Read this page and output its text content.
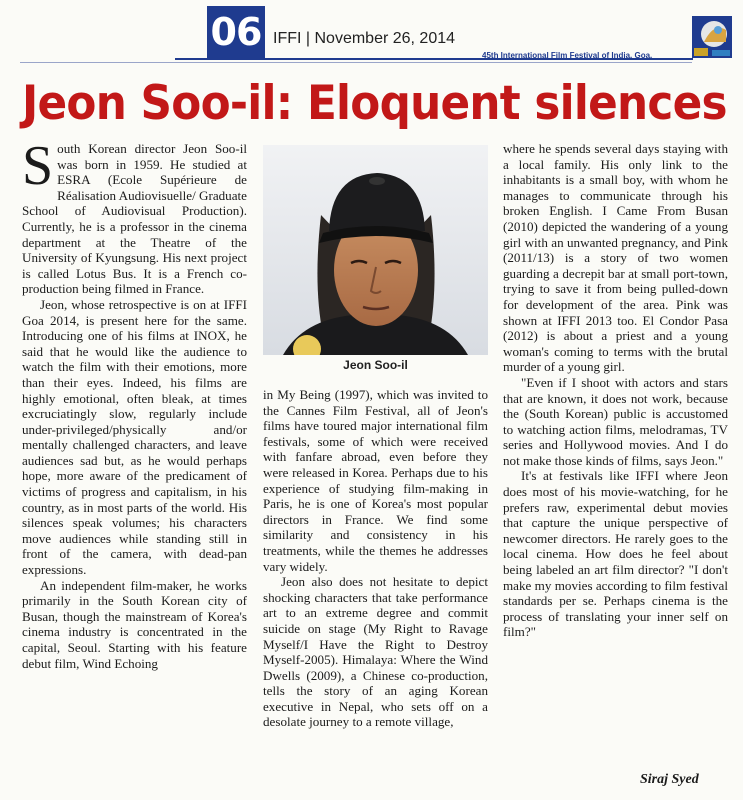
06 IFFI | November 26, 2014
45th International Film Festival of India, Goa.
Jeon Soo-il: Eloquent silences

South Korean director Jeon Soo-il was born in 1959. He studied at ESRA (Ecole Supérieure de Réalisation Audiovisuelle/ Graduate School of Audiovisual Production). Currently, he is a professor in the cinema department at the Theatre of the University of Kyungsung. His next project is called Lotus Bus. It is a French co-production being filmed in France.

Jeon, whose retrospective is on at IFFI Goa 2014, is present here for the same. Introducing one of his films at INOX, he said that he would like the audience to watch the film with their emotions, more than their eyes. Indeed, his films are highly emotional, often bleak, at times excruciatingly slow, regularly include under-privileged/physically and/or mentally challenged characters, and leave audiences sad but, as he would perhaps hope, more aware of the predicament of victims of progress and capitalism, in his country, as in most parts of the world. His silences speak volumes; his characters move audiences while standing still in front of the camera, with dead-pan expressions.

An independent film-maker, he works primarily in the South Korean city of Busan, though the mainstream of Korea's cinema industry is concentrated in the capital, Seoul. Starting with his feature debut film, Wind Echoing

Jeon Soo-il

in My Being (1997), which was invited to the Cannes Film Festival, all of Jeon's films have toured major international film festivals, some of which were received with fanfare abroad, even before they were released in Korea. Perhaps due to his experience of studying film-making in Paris, he is one of Korea's most popular directors in France. We find some similarity and consistency in his treatments, while the themes he addresses vary widely.

Jeon also does not hesitate to depict shocking characters that take performance art to an extreme degree and commit suicide on stage (My Right to Ravage Myself/I Have the Right to Destroy Myself-2005). Himalaya: Where the Wind Dwells (2009), a Chinese co-production, tells the story of an aging Korean executive in Nepal, who sets off on a desolate journey to a remote village,

where he spends several days staying with a local family. His only link to the inhabitants is a small boy, with whom he manages to communicate through his broken English. I Came From Busan (2010) depicted the wandering of a young girl with an unwanted pregnancy, and Pink (2011/13) is a story of two women guarding a decrepit bar at small port-town, trying to save it from being pulled-down for development of the area. Pink was shown at IFFI 2013 too. El Condor Pasa (2012) is about a priest and a young woman's coming to terms with the brutal murder of a young girl.

"Even if I shoot with actors and stars that are known, it does not work, because the (South Korean) public is accustomed to watching action films, melodramas, TV series and Hollywood movies. And I do not make those kinds of films, says Jeon."

It's at festivals like IFFI where Jeon does most of his movie-watching, for he prefers raw, experimental debut movies that capture the unique perspective of newcomer directors. He rarely goes to the local cinema. How does he feel about being labeled an art film director? "I don't make my movies according to film festival standards per se. Perhaps cinema is the process of translating your inner self on film?"

Siraj Syed
